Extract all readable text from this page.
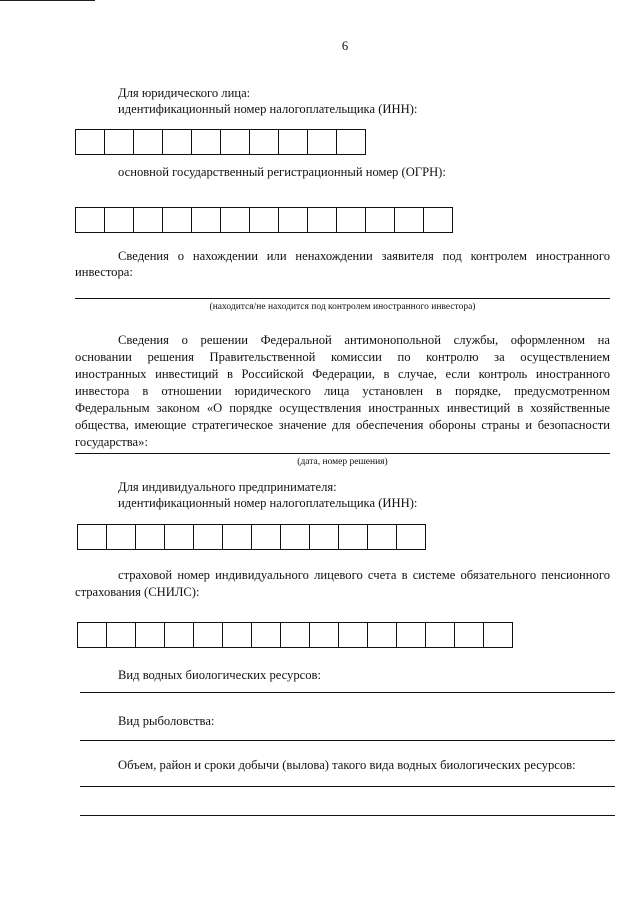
6
Для юридического лица:
идентификационный номер налогоплательщика (ИНН):
основной государственный регистрационный номер (ОГРН):
Сведения о нахождении или ненахождении заявителя под контролем иностранного
инвестора:
(находится/не находится под контролем иностранного инвестора)
Сведения о решении Федеральной антимонопольной службы, оформленном на
основании решения Правительственной комиссии по контролю за осуществлением
иностранных инвестиций в Российской Федерации, в случае, если контроль иностранного
инвестора в отношении юридического лица установлен в порядке, предусмотренном
Федеральным законом «О порядке осуществления иностранных инвестиций в хозяйственные
общества, имеющие стратегическое значение для обеспечения обороны страны и безопасности
государства»:
(дата, номер решения)
Для индивидуального предпринимателя:
идентификационный номер налогоплательщика (ИНН):
страховой номер индивидуального лицевого счета в системе обязательного пенсионного
страхования (СНИЛС):
Вид водных биологических ресурсов:
Вид рыболовства:
Объем, район и сроки добычи (вылова) такого вида водных биологических ресурсов:
